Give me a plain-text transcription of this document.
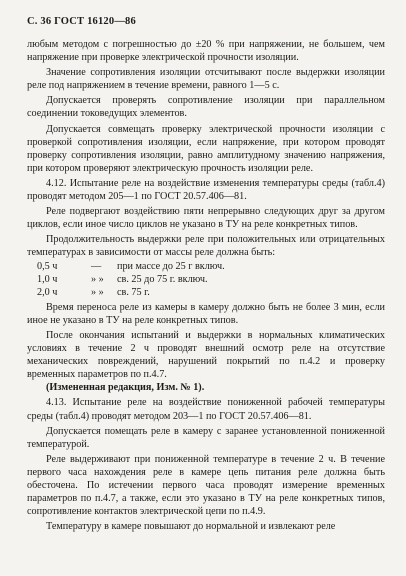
С. 36 ГОСТ 16120—86

любым методом с погрешностью до ±20 % при напряжении, не большем, чем напряжение при проверке электрической прочности изоляции.

Значение сопротивления изоляции отсчитывают после выдержки изоляции реле под напряжением в течение времени, равного 1—5 с.

Допускается проверять сопротивление изоляции при параллельном соединении токоведущих элементов.

Допускается совмещать проверку электрической прочности изоляции с проверкой сопротивления изоляции, если напряжение, при котором проводят проверку сопротивления изоляции, равно амплитудному значению напряжения, при котором проверяют электрическую прочность изоляции реле.

4.12. Испытание реле на воздействие изменения температуры среды (табл.4) проводят методом 205—1 по ГОСТ 20.57.406—81.

Реле подвергают воздействию пяти непрерывно следующих друг за другом циклов, если иное число циклов не указано в ТУ на реле конкретных типов.

Продолжительность выдержки реле при положительных или отрицательных температурах в зависимости от массы реле должна быть:

0,5 ч	—	при массе до 25 г включ.
1,0 ч	» »	св. 25 до 75 г. включ.
2,0 ч	» »	св. 75 г.

Время переноса реле из камеры в камеру должно быть не более 3 мин, если иное не указано в ТУ на реле конкретных типов.

После окончания испытаний и выдержки в нормальных климатических условиях в течение 2 ч проводят внешний осмотр реле на отсутствие механических повреждений, нарушений покрытий по п.4.2 и проверку временных параметров по п.4.7.

(Измененная редакция, Изм. № 1).

4.13. Испытание реле на воздействие пониженной рабочей температуры среды (табл.4) проводят методом 203—1 по ГОСТ 20.57.406—81.

Допускается помещать реле в камеру с заранее установленной пониженной температурой.

Реле выдерживают при пониженной температуре в течение 2 ч. В течение первого часа нахождения реле в камере цепь питания реле должна быть обесточена. По истечении первого часа проводят измерение временных параметров по п.4.7, а также, если это указано в ТУ на реле конкретных типов, сопротивление контактов электрической цепи по п.4.9.

Температуру в камере повышают до нормальной и извлекают реле
